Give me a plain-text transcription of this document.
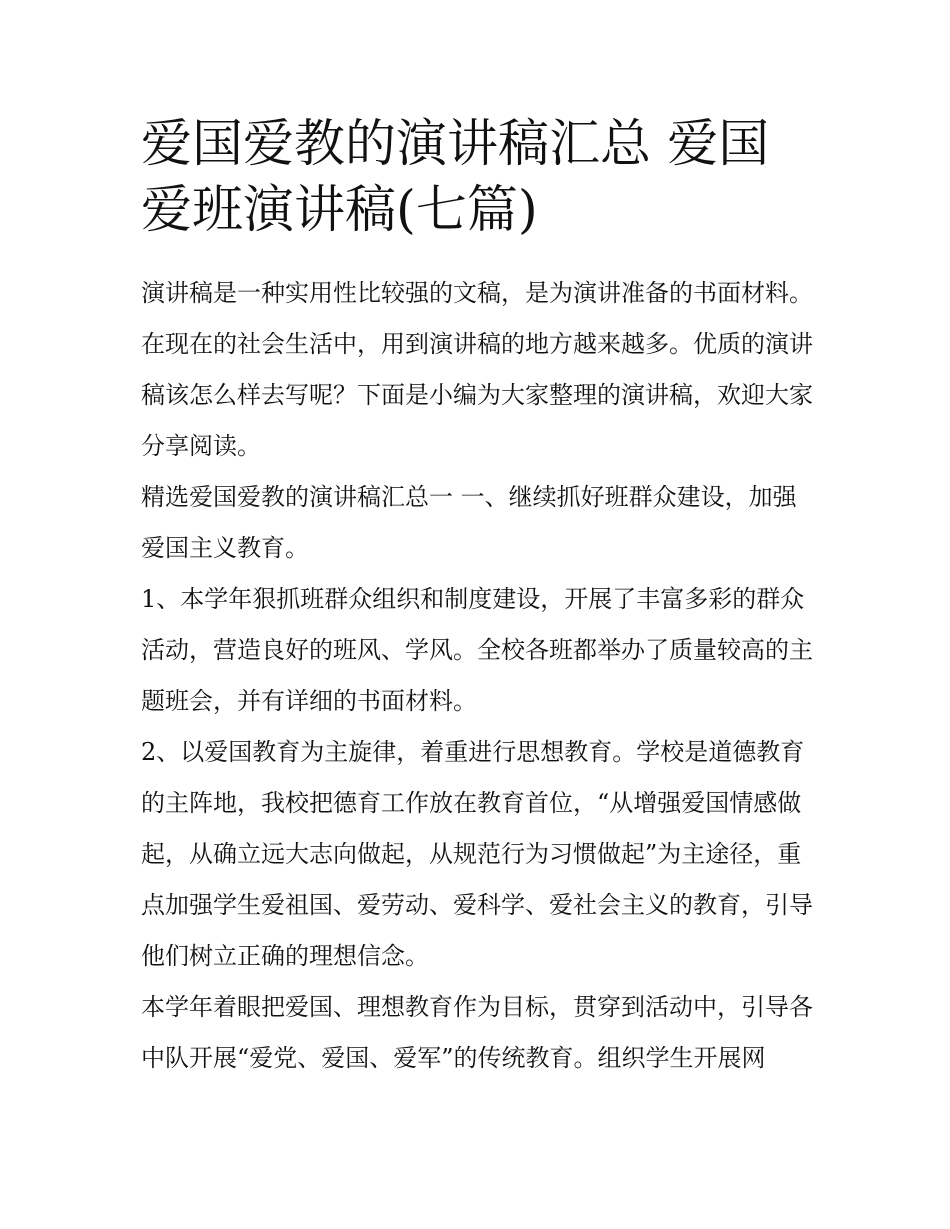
爱国爱教的演讲稿汇总 爱国爱班演讲稿(七篇)

演讲稿是一种实用性比较强的文稿，是为演讲准备的书面材料。在现在的社会生活中，用到演讲稿的地方越来越多。优质的演讲稿该怎么样去写呢？下面是小编为大家整理的演讲稿，欢迎大家分享阅读。

精选爱国爱教的演讲稿汇总一 一、继续抓好班群众建设，加强爱国主义教育。

1、本学年狠抓班群众组织和制度建设，开展了丰富多彩的群众活动，营造良好的班风、学风。全校各班都举办了质量较高的主题班会，并有详细的书面材料。

2、以爱国教育为主旋律，着重进行思想教育。学校是道德教育的主阵地，我校把德育工作放在教育首位，“从增强爱国情感做起，从确立远大志向做起，从规范行为习惯做起”为主途径，重点加强学生爱祖国、爱劳动、爱科学、爱社会主义的教育，引导他们树立正确的理想信念。

本学年着眼把爱国、理想教育作为目标，贯穿到活动中，引导各中队开展“爱党、爱国、爱军”的传统教育。组织学生开展网
